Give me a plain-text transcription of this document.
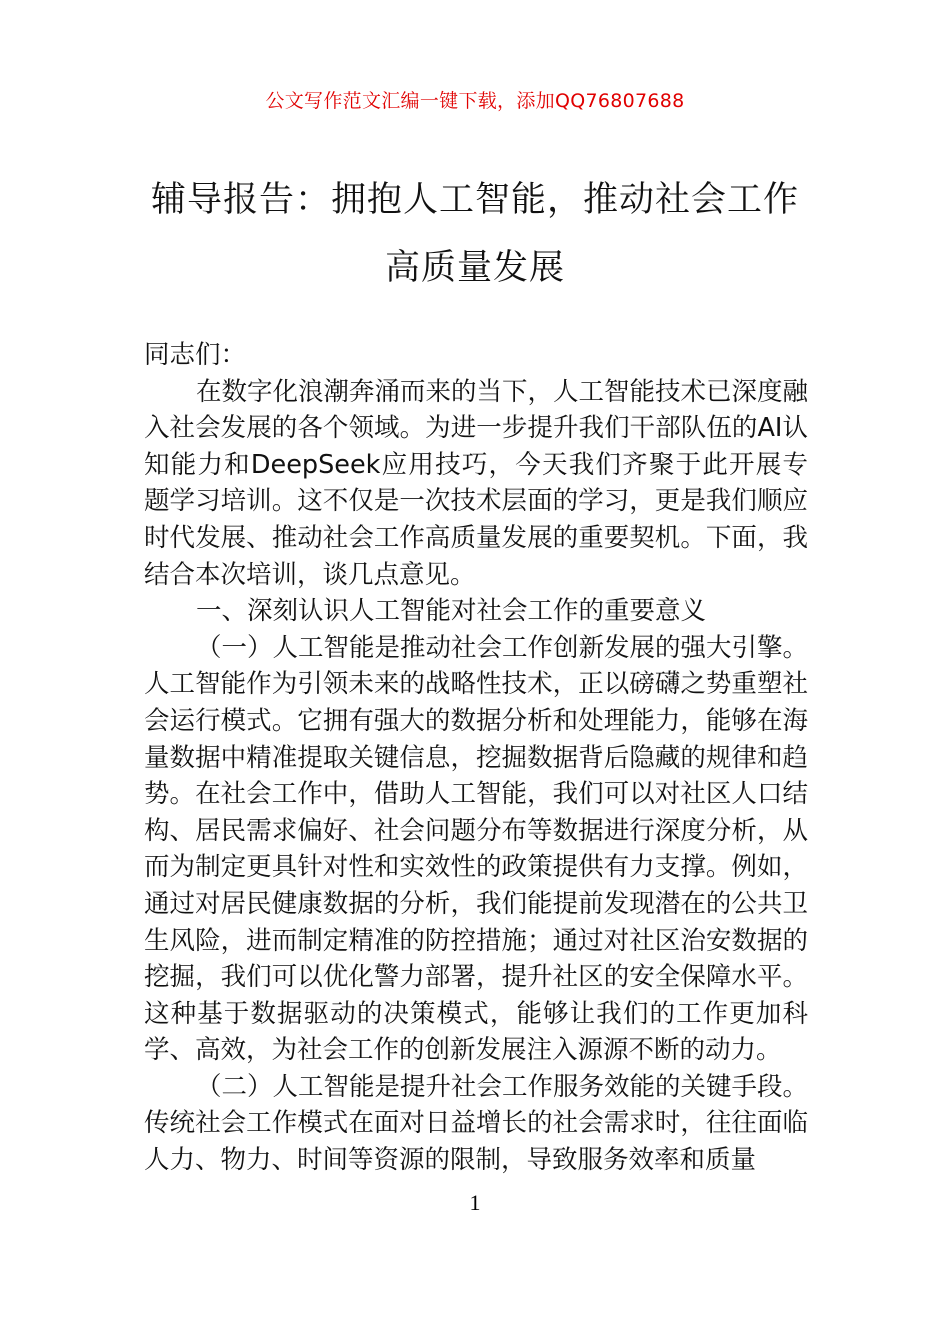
公文写作范文汇编一键下载，添加QQ76807688
辅导报告：拥抱人工智能，推动社会工作
高质量发展

同志们：

在数字化浪潮奔涌而来的当下，人工智能技术已深度融入社会发展的各个领域。为进一步提升我们干部队伍的AI认知能力和DeepSeek应用技巧，今天我们齐聚于此开展专题学习培训。这不仅是一次技术层面的学习，更是我们顺应时代发展、推动社会工作高质量发展的重要契机。下面，我结合本次培训，谈几点意见。

一、深刻认识人工智能对社会工作的重要意义

（一）人工智能是推动社会工作创新发展的强大引擎。人工智能作为引领未来的战略性技术，正以磅礴之势重塑社会运行模式。它拥有强大的数据分析和处理能力，能够在海量数据中精准提取关键信息，挖掘数据背后隐藏的规律和趋势。在社会工作中，借助人工智能，我们可以对社区人口结构、居民需求偏好、社会问题分布等数据进行深度分析，从而为制定更具针对性和实效性的政策提供有力支撑。例如，通过对居民健康数据的分析，我们能提前发现潜在的公共卫生风险，进而制定精准的防控措施；通过对社区治安数据的挖掘，我们可以优化警力部署，提升社区的安全保障水平。这种基于数据驱动的决策模式，能够让我们的工作更加科学、高效，为社会工作的创新发展注入源源不断的动力。

（二）人工智能是提升社会工作服务效能的关键手段。传统社会工作模式在面对日益增长的社会需求时，往往面临人力、物力、时间等资源的限制，导致服务效率和质量

1
